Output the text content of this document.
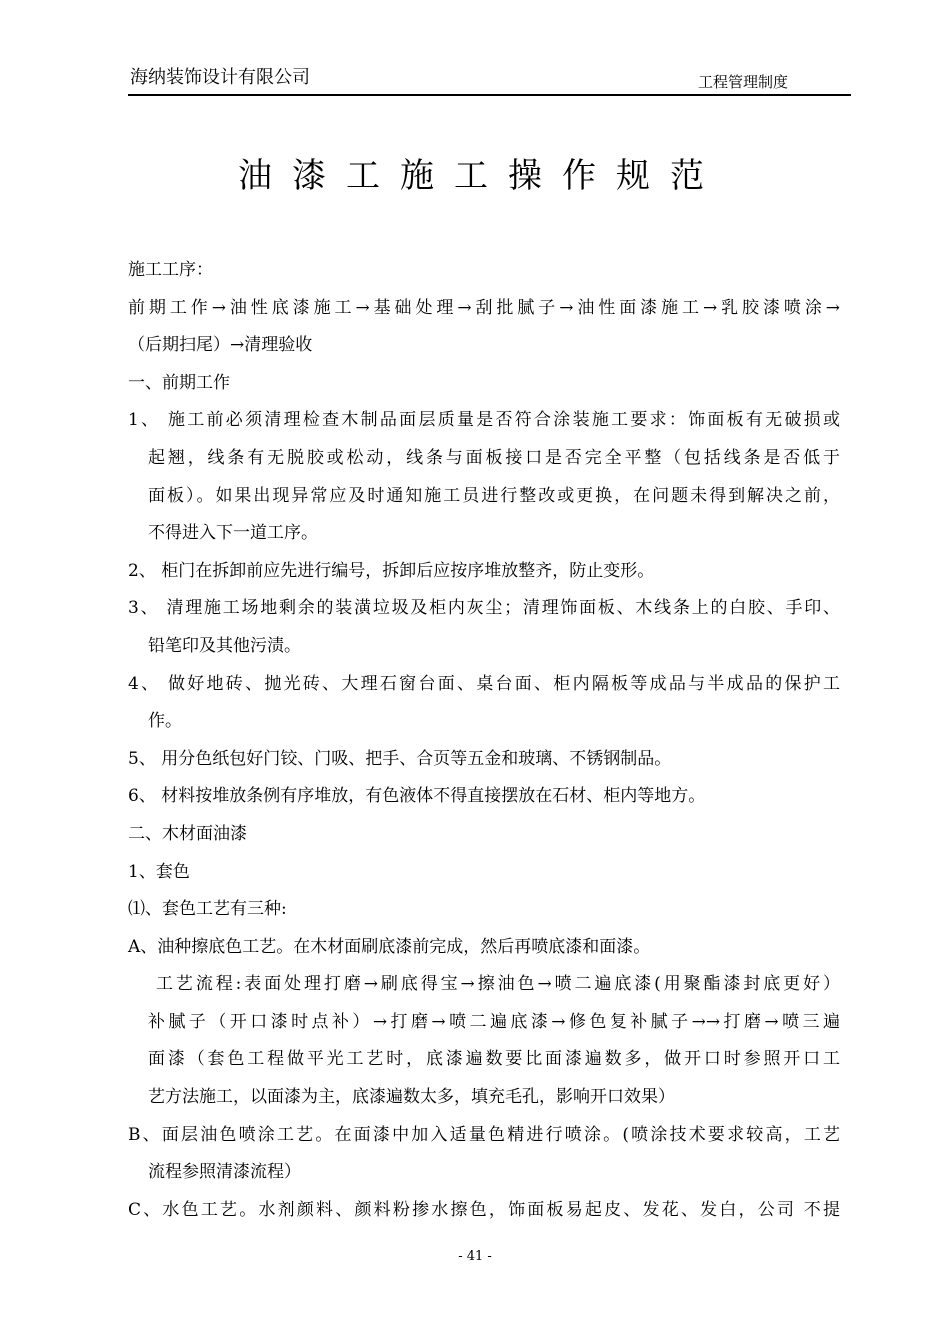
海纳装饰设计有限公司	工程管理制度
油漆工施工操作规范
施工工序：
前期工作→油性底漆施工→基础处理→刮批腻子→油性面漆施工→乳胶漆喷涂→
（后期扫尾）→清理验收
一、前期工作
1、 施工前必须清理检查木制品面层质量是否符合涂装施工要求：饰面板有无破损或
起翘，线条有无脱胶或松动，线条与面板接口是否完全平整（包括线条是否低于
面板）。如果出现异常应及时通知施工员进行整改或更换，在问题未得到解决之前，
不得进入下一道工序。
2、 柜门在拆卸前应先进行编号，拆卸后应按序堆放整齐，防止变形。
3、 清理施工场地剩余的装潢垃圾及柜内灰尘；清理饰面板、木线条上的白胶、手印、
铅笔印及其他污渍。
4、 做好地砖、抛光砖、大理石窗台面、桌台面、柜内隔板等成品与半成品的保护工
作。
5、 用分色纸包好门铰、门吸、把手、合页等五金和玻璃、不锈钢制品。
6、 材料按堆放条例有序堆放，有色液体不得直接摆放在石材、柜内等地方。
二、木材面油漆
1、套色
⑴、套色工艺有三种:
A、油种擦底色工艺。在木材面刷底漆前完成，然后再喷底漆和面漆。
工艺流程:表面处理打磨→刷底得宝→擦油色→喷二遍底漆(用聚酯漆封底更好）
补腻子（开口漆时点补）→打磨→喷二遍底漆→修色复补腻子→→打磨→喷三遍
面漆（套色工程做平光工艺时，底漆遍数要比面漆遍数多，做开口时参照开口工
艺方法施工，以面漆为主，底漆遍数太多，填充毛孔，影响开口效果）
B、面层油色喷涂工艺。在面漆中加入适量色精进行喷涂。(喷涂技术要求较高，工艺
流程参照清漆流程）
C、水色工艺。水剂颜料、颜料粉掺水擦色，饰面板易起皮、发花、发白，公司 不提
- 41 -
